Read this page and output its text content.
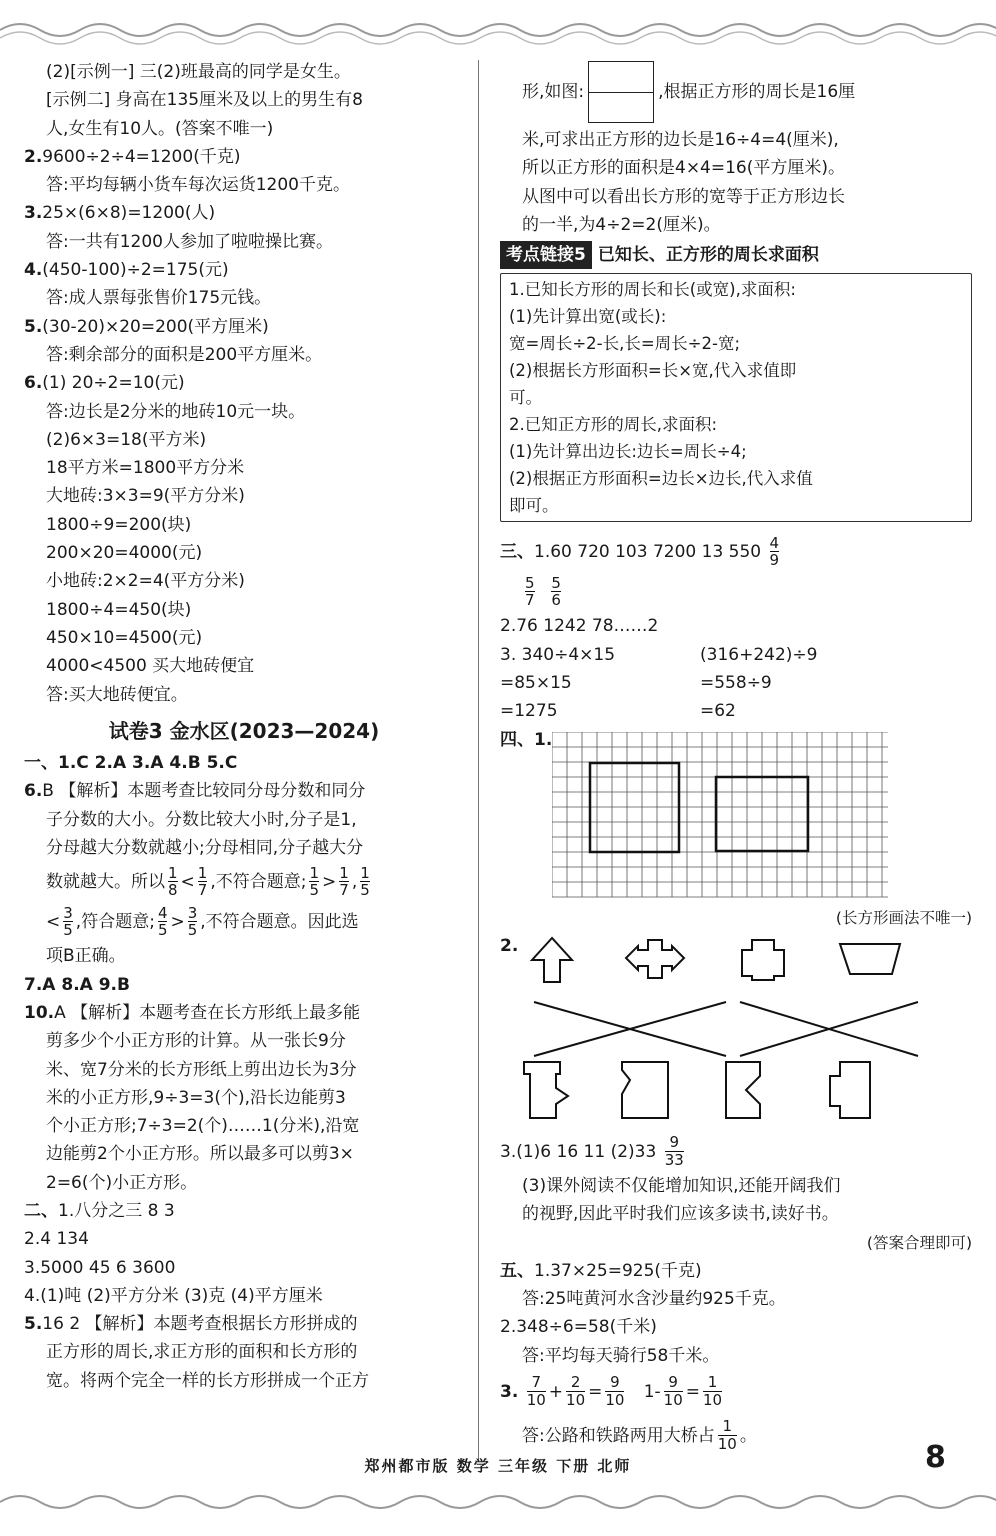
(2)[示例一] 三(2)班最高的同学是女生。
[示例二] 身高在135厘米及以上的男生有8
人,女生有10人。(答案不唯一)
2.9600÷2÷4=1200(千克)
答:平均每辆小货车每次运货1200千克。
3.25×(6×8)=1200(人)
答:一共有1200人参加了啦啦操比赛。
4.(450-100)÷2=175(元)
答:成人票每张售价175元钱。
5.(30-20)×20=200(平方厘米)
答:剩余部分的面积是200平方厘米。
6.(1) 20÷2=10(元)
答:边长是2分米的地砖10元一块。
(2)6×3=18(平方米)
18平方米=1800平方分米
大地砖:3×3=9(平方分米)
1800÷9=200(块)
200×20=4000(元)
小地砖:2×2=4(平方分米)
1800÷4=450(块)
450×10=4500(元)
4000<4500 买大地砖便宜
答:买大地砖便宜。
试卷3 金水区(2023—2024)
一、1.C 2.A 3.A 4.B 5.C
6.B 【解析】本题考查比较同分母分数和同分
子分数的大小。分数比较大小时,分子是1,
分母越大分数就越小;分母相同,分子越大分
数就越大。所以 $\frac{1}{8} < \frac{1}{7}$ ,不符合题意; $\frac{1}{5} > \frac{1}{7}$ , $\frac{1}{5}$
< $\frac{3}{5}$ ,符合题意; $\frac{4}{5} > \frac{3}{5}$ ,不符合题意。因此选
项B正确。
7.A 8.A 9.B
10.A 【解析】本题考查在长方形纸上最多能
剪多少个小正方形的计算。从一张长9分
米、宽7分米的长方形纸上剪出边长为3分
米的小正方形,9÷3=3(个),沿长边能剪3
个小正方形;7÷3=2(个)……1(分米),沿宽
边能剪2个小正方形。所以最多可以剪3×
2=6(个)小正方形。
二、1.八分之三 8 3
2.4 134
3.5000 45 6 3600
4.(1)吨 (2)平方分米 (3)克 (4)平方厘米
5.16 2 【解析】本题考查根据长方形拼成的
正方形的周长,求正方形的面积和长方形的
宽。将两个完全一样的长方形拼成一个正方
形,如图:	,根据正方形的周长是16厘
米,可求出正方形的边长是16÷4=4(厘米),
所以正方形的面积是4×4=16(平方厘米)。
从图中可以看出长方形的宽等于正方形边长
的一半,为4÷2=2(厘米)。
考点链接5 已知长、正方形的周长求面积
1.已知长方形的周长和长(或宽),求面积:
(1)先计算出宽(或长):
宽=周长÷2-长,长=周长÷2-宽;
(2)根据长方形面积=长×宽,代入求值即
可。
2.已知正方形的周长,求面积:
(1)先计算出边长:边长=周长÷4;
(2)根据正方形面积=边长×边长,代入求值
即可。
三、1.60 720 103 7200 13 $550 \frac{4}{9}$
$\frac{5}{7}$
$\frac{5}{6}$
2.76 1242 78……2
3. 340÷4×15	(316+242)÷9
=85×15	=558÷9
=1275	=62
四、1.
(长方形画法不唯一)
2.
3.(1)6 16 11 $(2)33 \frac{9}{33}$
(3)课外阅读不仅能增加知识,还能开阔我们
的视野,因此平时我们应该多读书,读好书。
(答案合理即可)
五、1.37×25=925(千克)
答:25吨黄河水含沙量约925千克。
2.348÷6=58(千米)
答:平均每天骑行58千米。
3. $\frac{7}{10} + \frac{2}{10} = \frac{9}{10} 1- \frac{9}{10} = \frac{1}{10}$
答:公路和铁路两用大桥占 $\frac{1}{10}$ 。
郑州都市版 数学 三年级 下册 北师	8
